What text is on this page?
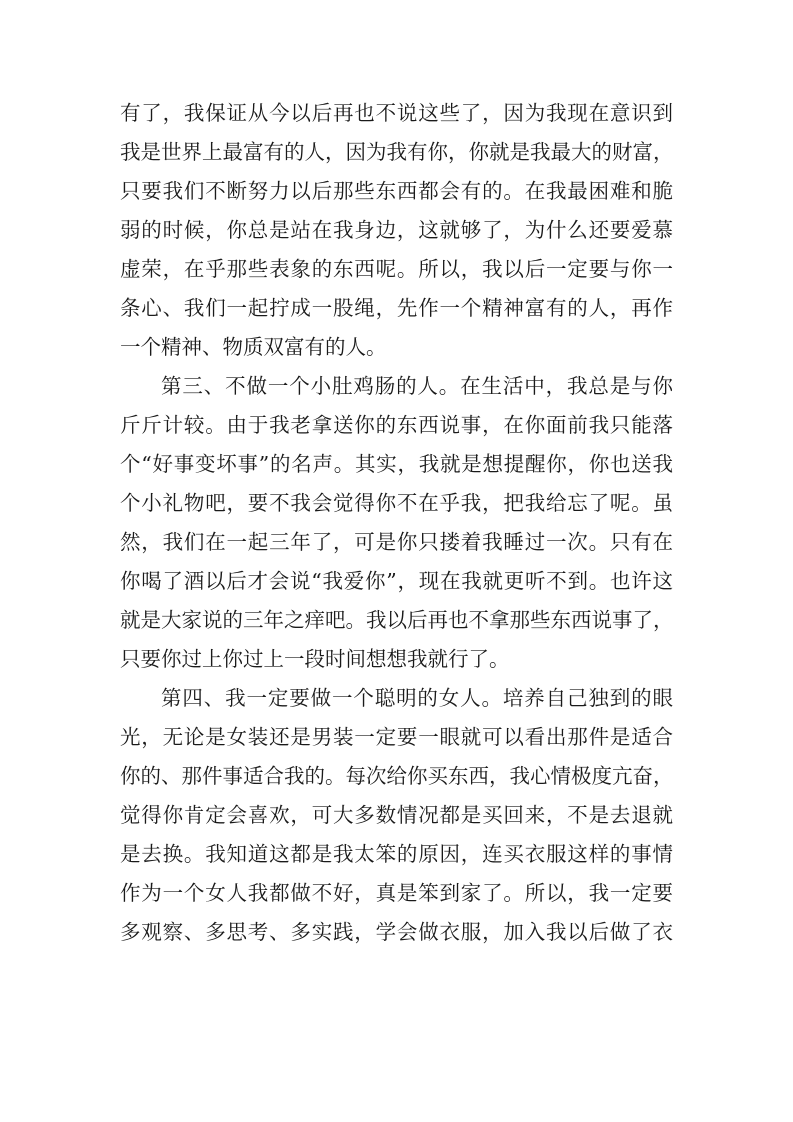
有了，我保证从今以后再也不说这些了，因为我现在意识到
我是世界上最富有的人，因为我有你，你就是我最大的财富，
只要我们不断努力以后那些东西都会有的。在我最困难和脆
弱的时候，你总是站在我身边，这就够了，为什么还要爱慕
虚荣，在乎那些表象的东西呢。所以，我以后一定要与你一
条心、我们一起拧成一股绳，先作一个精神富有的人，再作
一个精神、物质双富有的人。
第三、不做一个小肚鸡肠的人。在生活中，我总是与你
斤斤计较。由于我老拿送你的东西说事，在你面前我只能落
个“好事变坏事”的名声。其实，我就是想提醒你，你也送我
个小礼物吧，要不我会觉得你不在乎我，把我给忘了呢。虽
然，我们在一起三年了，可是你只搂着我睡过一次。只有在
你喝了酒以后才会说“我爱你”，现在我就更听不到。也许这
就是大家说的三年之痒吧。我以后再也不拿那些东西说事了，
只要你过上你过上一段时间想想我就行了。
第四、我一定要做一个聪明的女人。培养自己独到的眼
光，无论是女装还是男装一定要一眼就可以看出那件是适合
你的、那件事适合我的。每次给你买东西，我心情极度亢奋，
觉得你肯定会喜欢，可大多数情况都是买回来，不是去退就
是去换。我知道这都是我太笨的原因，连买衣服这样的事情
作为一个女人我都做不好，真是笨到家了。所以，我一定要
多观察、多思考、多实践，学会做衣服，加入我以后做了衣
